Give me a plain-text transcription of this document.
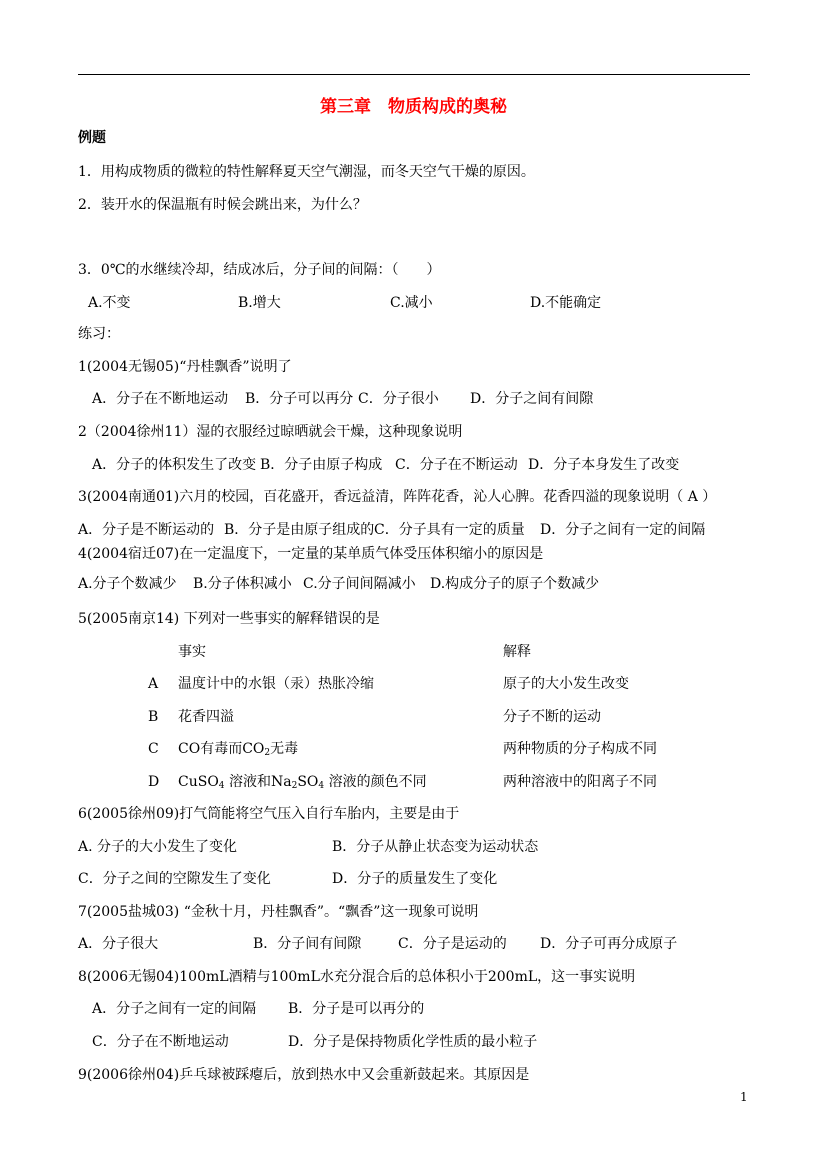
第三章　物质构成的奥秘
例题
1．用构成物质的微粒的特性解释夏天空气潮湿，而冬天空气干燥的原因。
2．装开水的保温瓶有时候会跳出来，为什么？
3．0℃的水继续冷却，结成冰后，分子间的间隔：（　　）
A.不变	B.增大	C.减小	D.不能确定
练习：
1(2004无锡05)“丹桂飘香”说明了
A．分子在不断地运动 B．分子可以再分 C．分子很小 D．分子之间有间隙
2（2004徐州11）湿的衣服经过晾晒就会干燥，这种现象说明
A．分子的体积发生了改变 B．分子由原子构成 C．分子在不断运动 D．分子本身发生了改变
3(2004南通01)六月的校园，百花盛开，香远益清，阵阵花香，沁人心脾。花香四溢的现象说明（ A ）
A．分子是不断运动的 B．分子是由原子组成的 C．分子具有一定的质量 D．分子之间有一定的间隔
4(2004宿迁07)在一定温度下，一定量的某单质气体受压体积缩小的原因是
A.分子个数减少 B.分子体积减小 C.分子间间隔减小 D.构成分子的原子个数减少
5(2005南京14) 下列对一些事实的解释错误的是
事实	解释
A 温度计中的水银（汞）热胀冷缩	原子的大小发生改变
B 花香四溢	分子不断的运动
C CO有毒而$CO_2$无毒	两种物质的分子构成不同
D CuSO$_4$ 溶液和$Na_2SO_4$ 溶液的颜色不同	两种溶液中的阳离子不同
6(2005徐州09)打气筒能将空气压入自行车胎内，主要是由于
A. 分子的大小发生了变化	B．分子从静止状态变为运动状态
C．分子之间的空隙发生了变化	D．分子的质量发生了变化
7(2005盐城03) “金秋十月，丹桂飘香”。“飘香”这一现象可说明
A．分子很大	B．分子间有间隙	C．分子是运动的 D．分子可再分成原子
8(2006无锡04)100mL酒精与100mL水充分混合后的总体积小于200mL，这一事实说明
A．分子之间有一定的间隔 B．分子是可以再分的
C．分子在不断地运动	D．分子是保持物质化学性质的最小粒子
9(2006徐州04)乒乓球被踩瘪后，放到热水中又会重新鼓起来。其原因是
1
